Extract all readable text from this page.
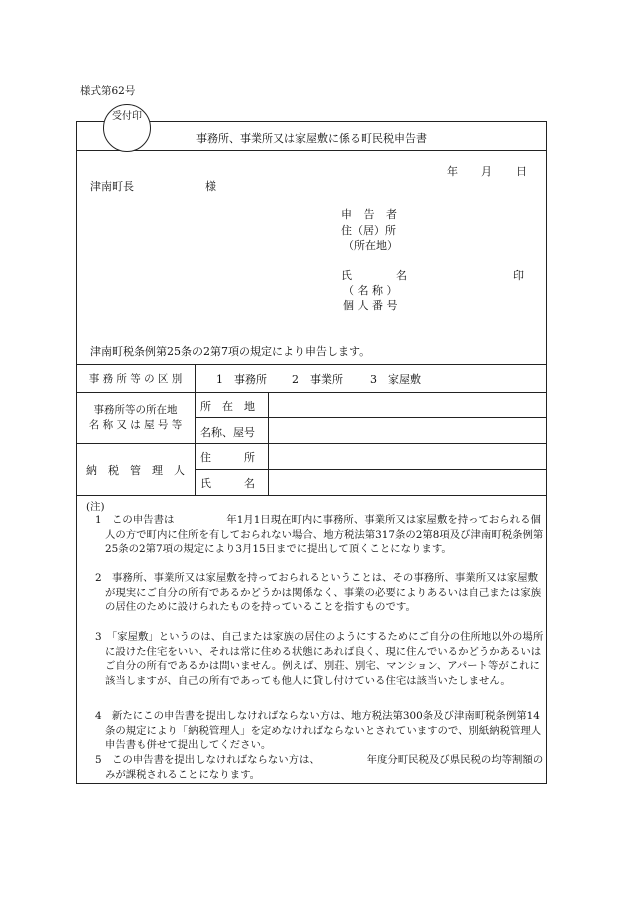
様式第62号
受付印
事務所、事業所又は家屋敷に係る町民税申告書
年 月 日
津南町長	様
申 告 者
住（居）所
（所在地）
氏　　　　名	印
（ 名 称 ）
個 人 番 号
津南町税条例第25条の2第7項の規定により申告します。
事 務 所 等 の 区 別	1　事務所 2　事業所 3　家屋敷
事務所等の所在地
名 称 又 は 屋 号 等
所　在　地
名称、屋号
納　税　管　理　人
住　　　所
氏　　　名
(注)
1　この申告書は　　　　　年1月1日現在町内に事務所、事業所又は家屋敷を持っておられる個人の方で町内に住所を有しておられない場合、地方税法第317条の2第8項及び津南町税条例第25条の2第7項の規定により3月15日までに提出して頂くことになります。
2　事務所、事業所又は家屋敷を持っておられるということは、その事務所、事業所又は家屋敷が現実にご自分の所有であるかどうかは関係なく、事業の必要によりあるいは自己または家族の居住のために設けられたものを持っていることを指すものです。
3　「家屋敷」というのは、自己または家族の居住のようにするためにご自分の住所地以外の場所に設けた住宅をいい、それは常に住める状態にあれば良く、現に住んでいるかどうかあるいはご自分の所有であるかは問いません。例えば、別荘、別宅、マンション、アパート等がこれに該当しますが、自己の所有であっても他人に貸し付けている住宅は該当いたしません。
4　新たにこの申告書を提出しなければならない方は、地方税法第300条及び津南町税条例第14条の規定により「納税管理人」を定めなければならないとされていますので、別紙納税管理人申告書も併せて提出してください。
5　この申告書を提出しなければならない方は、　　　　　年度分町民税及び県民税の均等割額のみが課税されることになります。
